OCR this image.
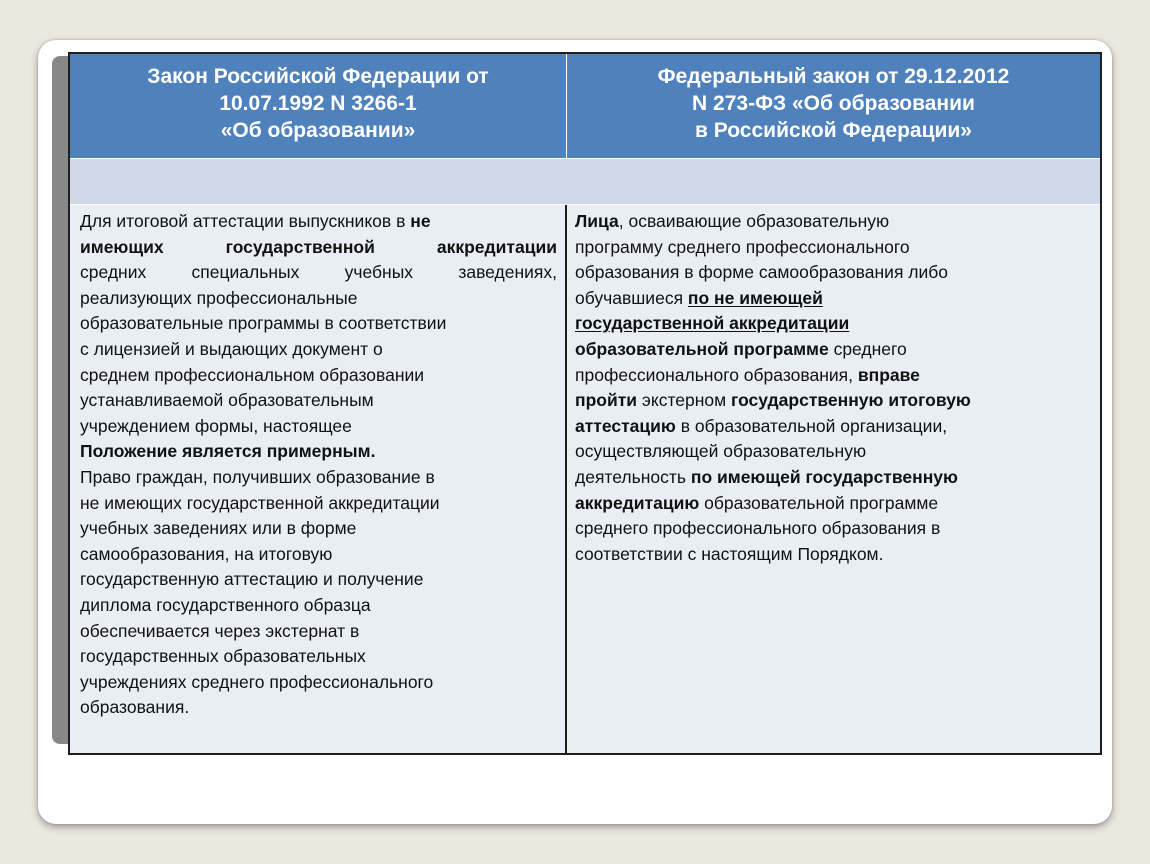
Закон Российской Федерации от
10.07.1992 N 3266-1
«Об образовании»
Федеральный закон от 29.12.2012
N 273-ФЗ «Об образовании
в Российской Федерации»
Для итоговой аттестации выпускников в не
имеющих государственной аккредитации
средних специальных учебных заведениях,
реализующих профессиональные
образовательные программы в соответствии
с лицензией и выдающих документ о
среднем профессиональном образовании
устанавливаемой образовательным
учреждением формы, настоящее
Положение является примерным.
Право граждан, получивших образование в
не имеющих государственной аккредитации
учебных заведениях или в форме
самообразования, на итоговую
государственную аттестацию и получение
диплома государственного образца
обеспечивается через экстернат в
государственных образовательных
учреждениях среднего профессионального
образования.
Лица, осваивающие образовательную
программу среднего профессионального
образования в форме самообразования либо
обучавшиеся по не имеющей
государственной аккредитации
образовательной программе среднего
профессионального образования, вправе
пройти экстерном государственную итоговую
аттестацию в образовательной организации,
осуществляющей образовательную
деятельность по имеющей государственную
аккредитацию образовательной программе
среднего профессионального образования в
соответствии с настоящим Порядком.
